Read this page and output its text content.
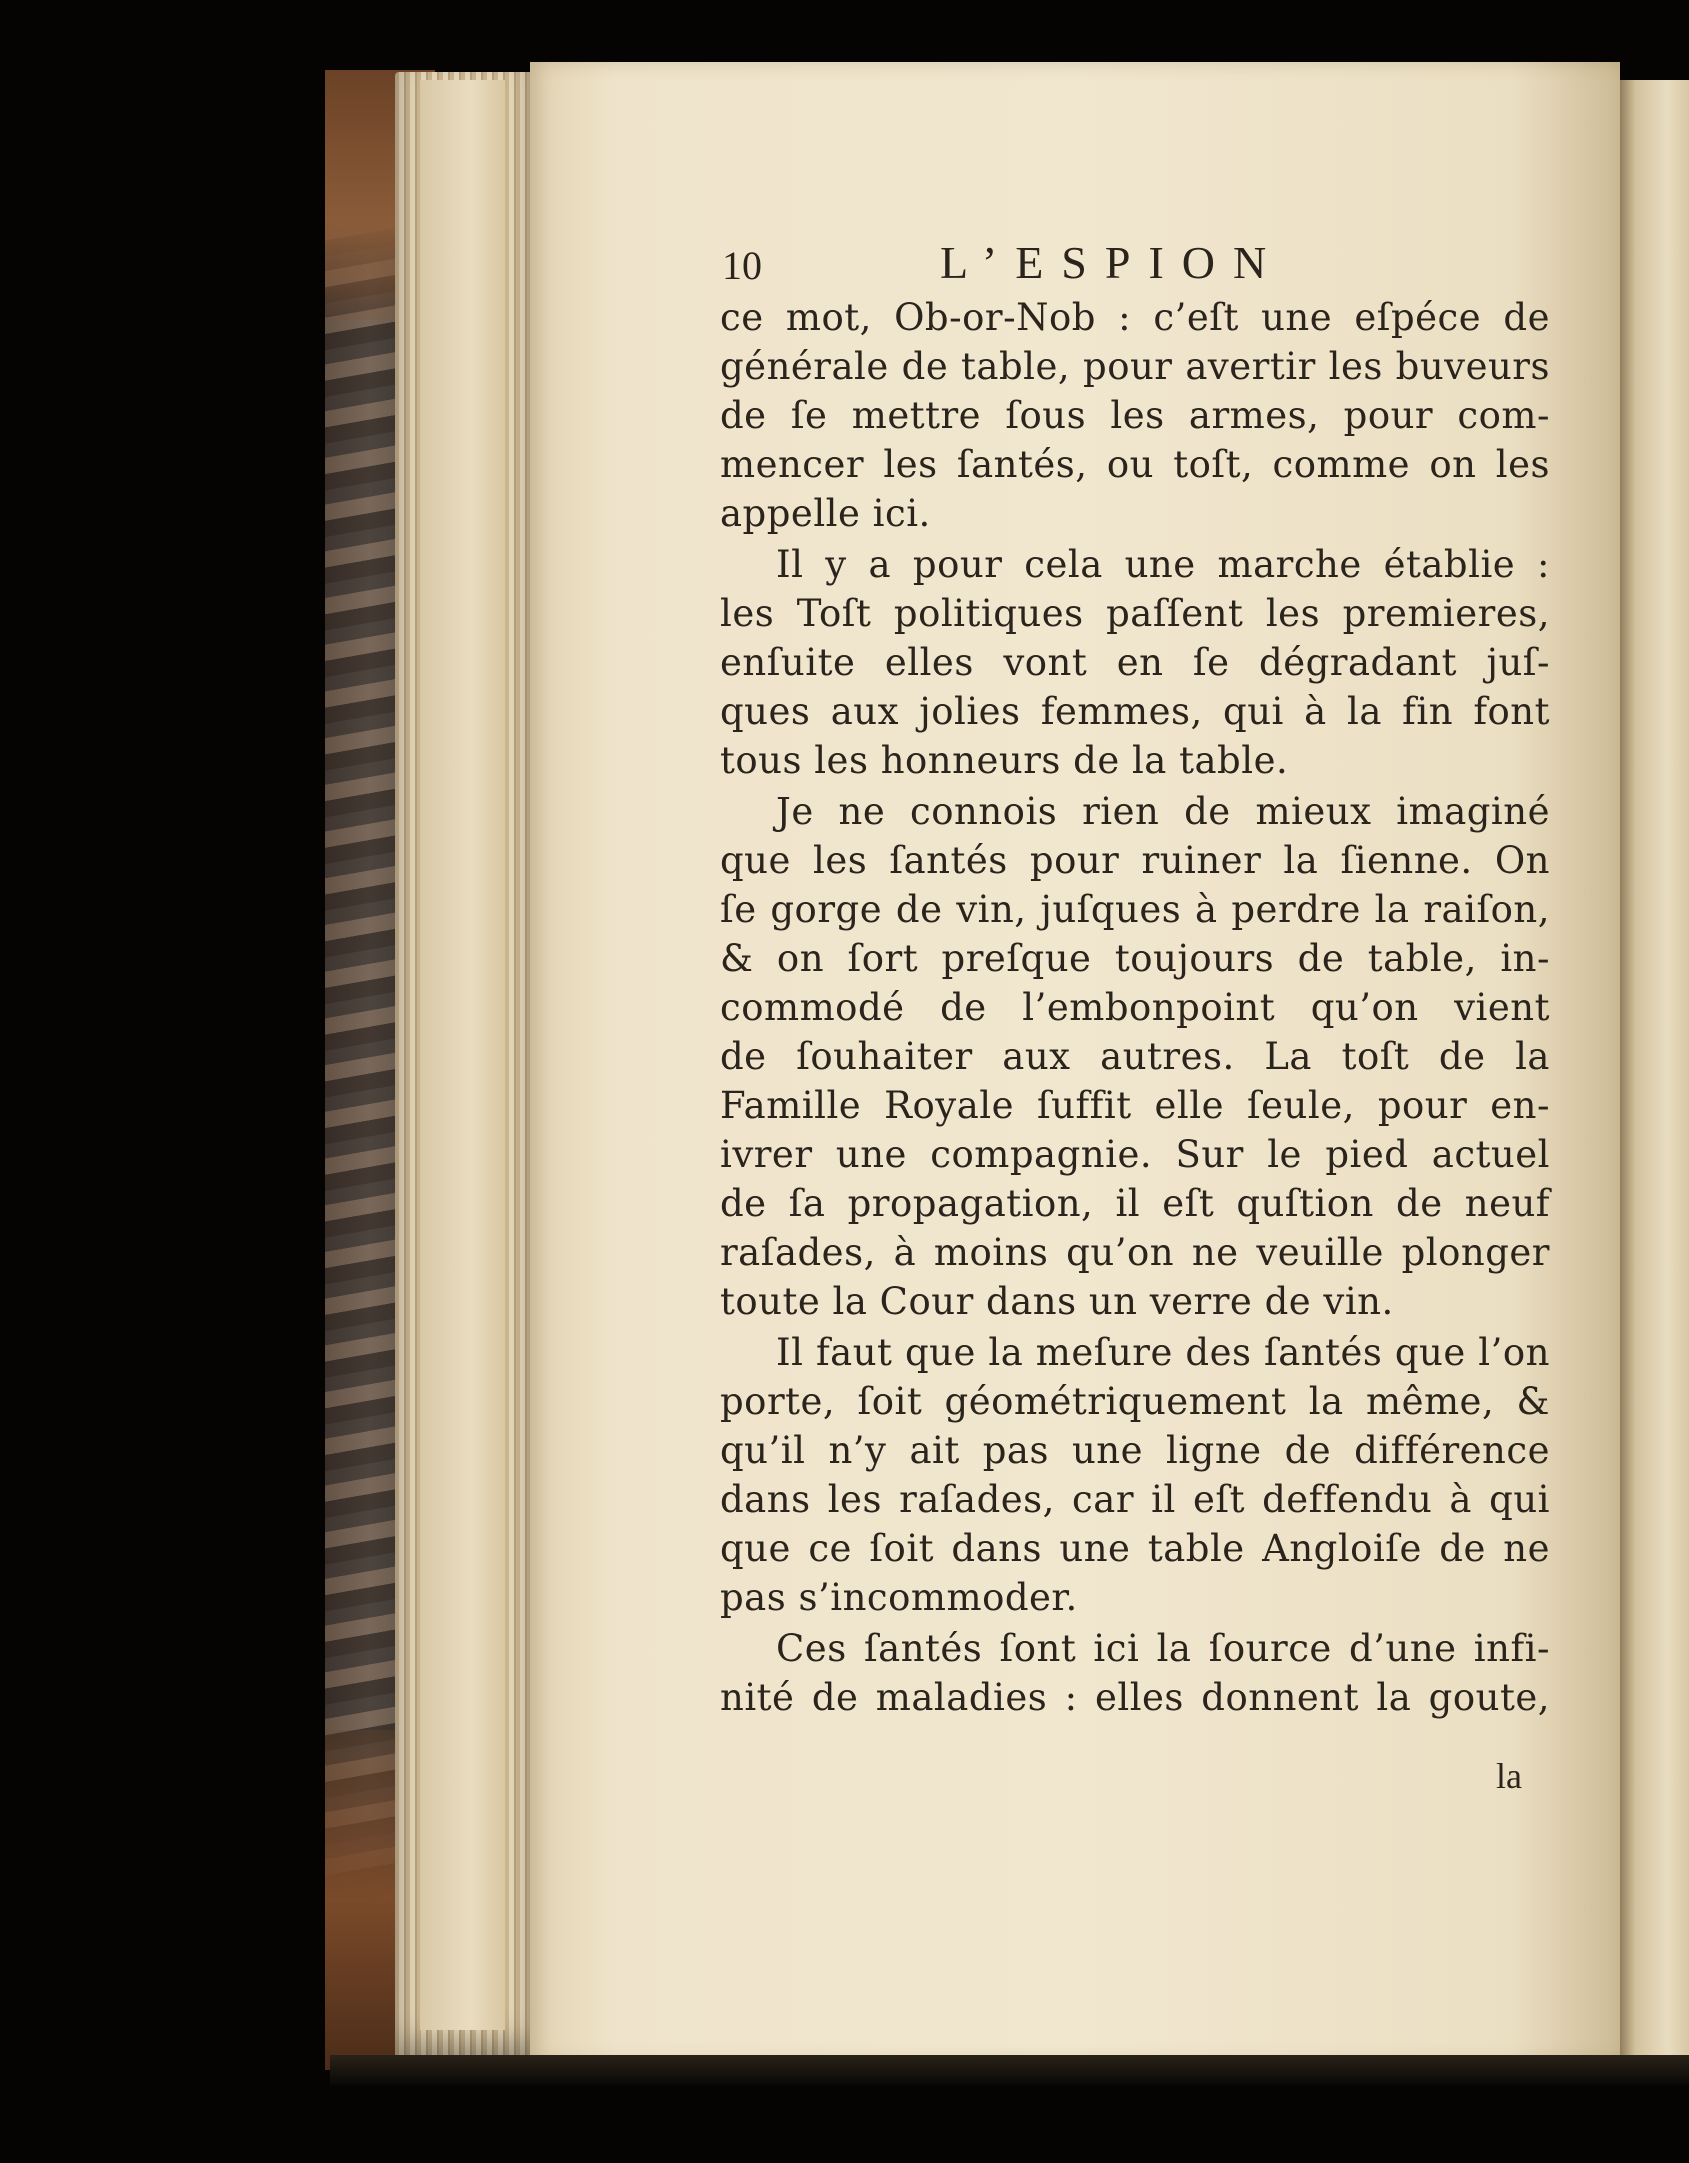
10	L’ESPION
ce mot, Ob-or-Nob : c’eſt une eſpéce de
générale de table, pour avertir les buveurs
de ſe mettre ſous les armes, pour com-
mencer les ſantés, ou toſt, comme on les
appelle ici.
Il y a pour cela une marche établie :
les Toſt politiques paſſent les premieres,
enſuite elles vont en ſe dégradant juſ-
ques aux jolies femmes, qui à la fin font
tous les honneurs de la table.
Je ne connois rien de mieux imaginé
que les ſantés pour ruiner la ſienne. On
ſe gorge de vin, juſques à perdre la raiſon,
& on ſort preſque toujours de table, in-
commodé de l’embonpoint qu’on vient
de ſouhaiter aux autres. La toſt de la
Famille Royale ſuffit elle ſeule, pour en-
ivrer une compagnie. Sur le pied actuel
de ſa propagation, il eſt quſtion de neuf
raſades, à moins qu’on ne veuille plonger
toute la Cour dans un verre de vin.
Il faut que la meſure des ſantés que l’on
porte, ſoit géométriquement la même, &
qu’il n’y ait pas une ligne de différence
dans les raſades, car il eſt deffendu à qui
que ce ſoit dans une table Angloiſe de ne
pas s’incommoder.
Ces ſantés ſont ici la ſource d’une infi-
nité de maladies : elles donnent la goute,
la
